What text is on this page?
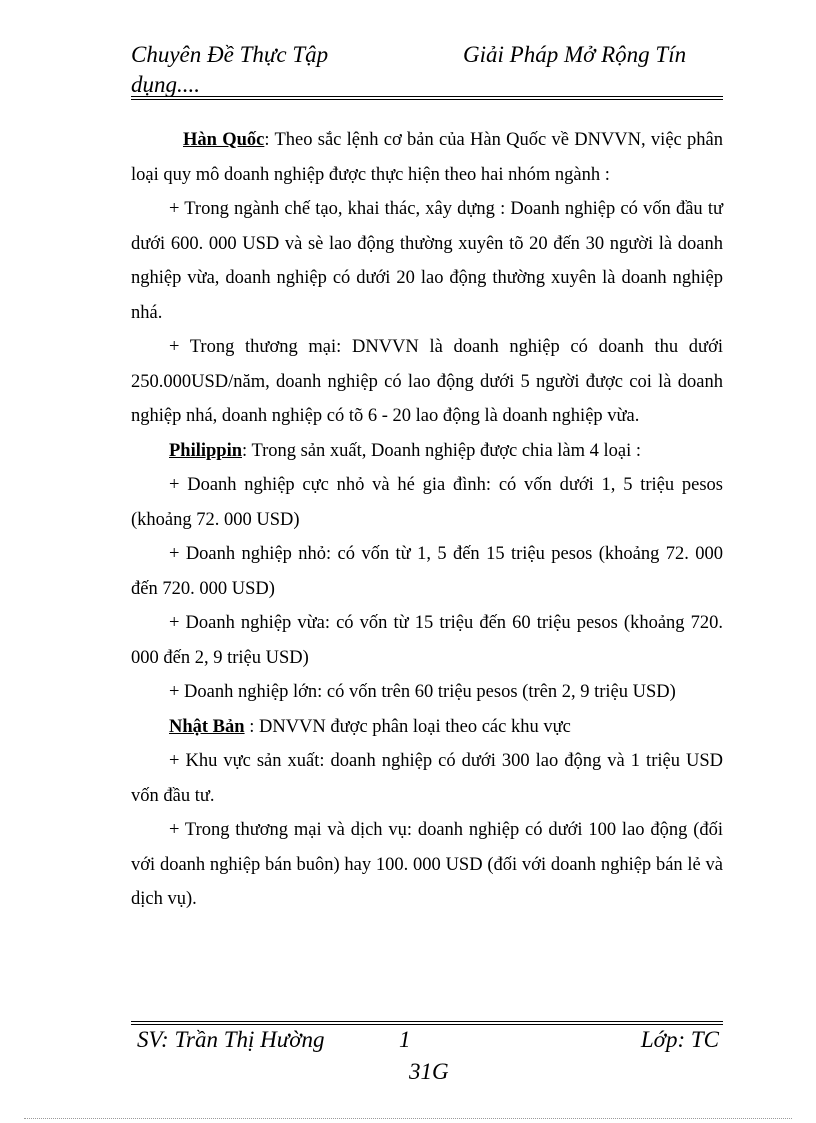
Chuyên Đề Thực Tập	Giải Pháp Mở Rộng Tín
dụng....

Hàn Quốc: Theo sắc lệnh cơ bản của Hàn Quốc về DNVVN, việc phân loại quy mô doanh nghiệp được thực hiện theo hai nhóm ngành :

+ Trong ngành chế tạo, khai thác, xây dựng : Doanh nghiệp có vốn đầu tư dưới 600. 000 USD và sè lao động thường xuyên tõ 20 đến 30 người là doanh nghiệp vừa, doanh nghiệp có dưới 20 lao động thường xuyên là doanh nghiệp nhá.

+ Trong thương mại: DNVVN là doanh nghiệp có doanh thu dưới 250.000USD/năm, doanh nghiệp có lao động dưới 5 người được coi là doanh nghiệp nhá, doanh nghiệp có tõ 6 - 20 lao động là doanh nghiệp vừa.

Philippin: Trong sản xuất, Doanh nghiệp được chia làm 4 loại :

+ Doanh nghiệp cực nhỏ và hé gia đình: có vốn dưới 1, 5 triệu pesos (khoảng 72. 000 USD)

+ Doanh nghiệp nhỏ: có vốn từ 1, 5 đến 15 triệu pesos (khoảng 72. 000 đến 720. 000 USD)

+ Doanh nghiệp vừa: có vốn từ 15 triệu đến 60 triệu pesos (khoảng 720. 000 đến 2, 9 triệu USD)

+ Doanh nghiệp lớn: có vốn trên 60 triệu pesos (trên 2, 9 triệu USD)

Nhật Bản : DNVVN được phân loại theo các khu vực

+ Khu vực sản xuất: doanh nghiệp có dưới 300 lao động và 1 triệu USD vốn đầu tư.

+ Trong thương mại và dịch vụ: doanh nghiệp có dưới 100 lao động (đối với doanh nghiệp bán buôn) hay 100. 000 USD (đối với doanh nghiệp bán lẻ và dịch vụ).

SV: Trần Thị Hường	1	Lớp: TC
31G
